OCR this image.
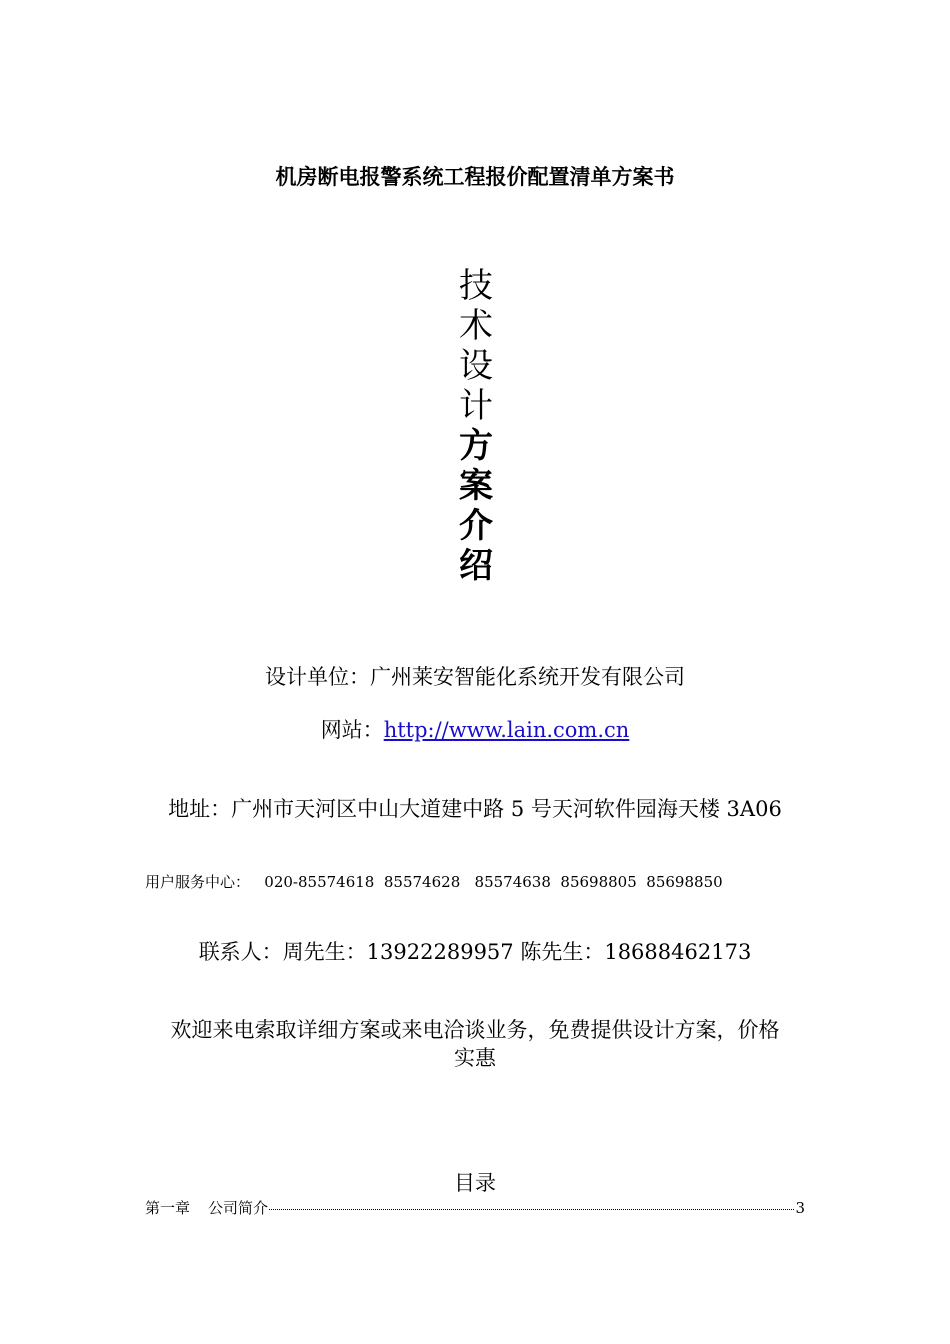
机房断电报警系统工程报价配置清单方案书
技
术
设
计
方
案
介
绍
设计单位：广州莱安智能化系统开发有限公司
网站：http://www.lain.com.cn
地址：广州市天河区中山大道建中路 5 号天河软件园海天楼 3A06
用户服务中心：   020-85574618  85574628   85574638  85698805  85698850
联系人：周先生：13922289957 陈先生：18688462173
欢迎来电索取详细方案或来电洽谈业务，免费提供设计方案，价格
实惠
目录
第一章 公司简介	3
